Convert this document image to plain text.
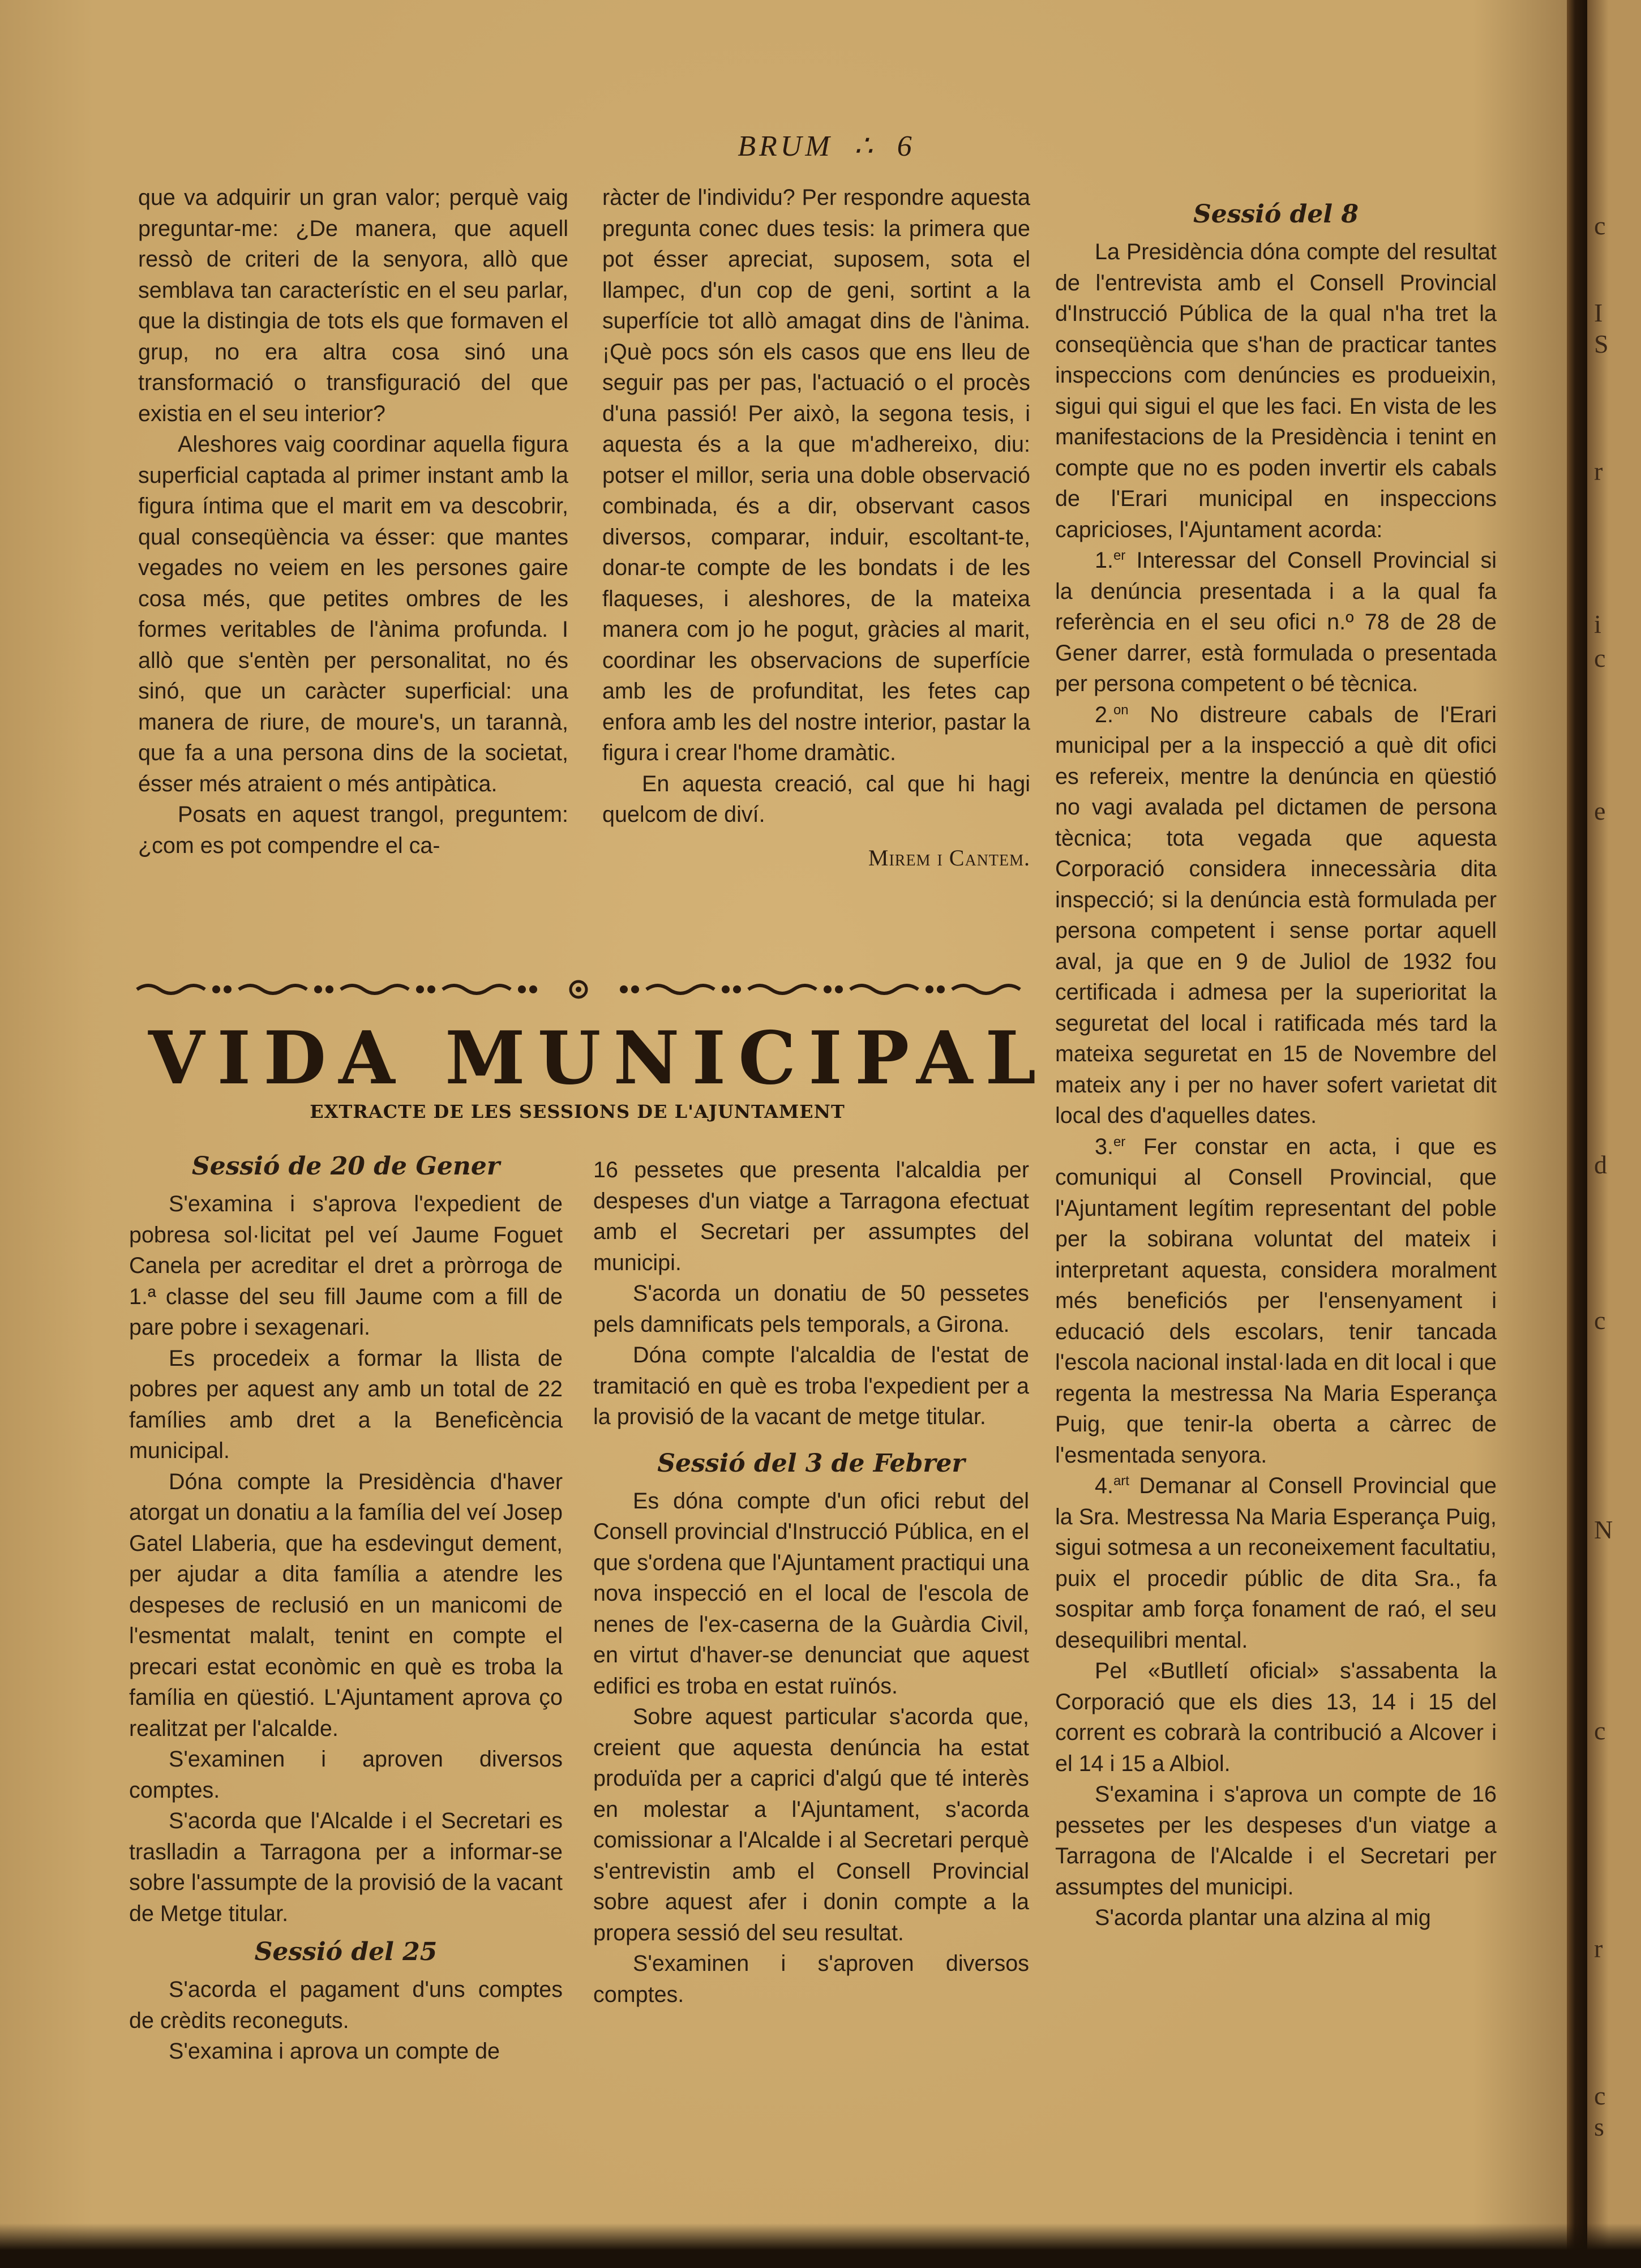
BRUM ∴ 6

que va adquirir un gran valor; perquè vaig preguntar-me: ¿De manera, que aquell ressò de criteri de la senyora, allò que semblava tan característic en el seu parlar, que la distingia de tots els que formaven el grup, no era altra cosa sinó una transformació o transfiguració del que existia en el seu interior?

Aleshores vaig coordinar aquella figura superficial captada al primer instant amb la figura íntima que el marit em va descobrir, qual conseqüència va ésser: que mantes vegades no veiem en les persones gaire cosa més, que petites ombres de les formes veritables de l'ànima profunda. I allò que s'entèn per personalitat, no és sinó, que un caràcter superficial: una manera de riure, de moure's, un tarannà, que fa a una persona dins de la societat, ésser més atraient o més antipàtica.

Posats en aquest trangol, preguntem: ¿com es pot compendre el ca-

ràcter de l'individu? Per respondre aquesta pregunta conec dues tesis: la primera que pot ésser apreciat, suposem, sota el llampec, d'un cop de geni, sortint a la superfície tot allò amagat dins de l'ànima. ¡Què pocs són els casos que ens lleu de seguir pas per pas, l'actuació o el procès d'una passió! Per això, la segona tesis, i aquesta és a la que m'adhereixo, diu: potser el millor, seria una doble observació combinada, és a dir, observant casos diversos, comparar, induir, escoltant-te, donar-te compte de les bondats i de les flaqueses, i aleshores, de la mateixa manera com jo he pogut, gràcies al marit, coordinar les observacions de superfície amb les de profunditat, les fetes cap enfora amb les del nostre interior, pastar la figura i crear l'home dramàtic.

En aquesta creació, cal que hi hagi quelcom de diví.

Mirem i Cantem.
VIDA MUNICIPAL
EXTRACTE DE LES SESSIONS DE L'AJUNTAMENT
Sessió de 20 de Gener

S'examina i s'aprova l'expedient de pobresa sol·licitat pel veí Jaume Foguet Canela per acreditar el dret a pròrroga de 1.ª classe del seu fill Jaume com a fill de pare pobre i sexagenari.

Es procedeix a formar la llista de pobres per aquest any amb un total de 22 famílies amb dret a la Beneficència municipal.

Dóna compte la Presidència d'haver atorgat un donatiu a la família del veí Josep Gatel Llaberia, que ha esdevingut dement, per ajudar a dita família a atendre les despeses de reclusió en un manicomi de l'esmentat malalt, tenint en compte el precari estat econòmic en què es troba la família en qüestió. L'Ajuntament aprova ço realitzat per l'alcalde.

S'examinen i aproven diversos comptes.

S'acorda que l'Alcalde i el Secretari es traslladin a Tarragona per a informar-se sobre l'assumpte de la provisió de la vacant de Metge titular.

Sessió del 25

S'acorda el pagament d'uns comptes de crèdits reconeguts.

S'examina i aprova un compte de

16 pessetes que presenta l'alcaldia per despeses d'un viatge a Tarragona efectuat amb el Secretari per assumptes del municipi.

S'acorda un donatiu de 50 pessetes pels damnificats pels temporals, a Girona.

Dóna compte l'alcaldia de l'estat de tramitació en què es troba l'expedient per a la provisió de la vacant de metge titular.

Sessió del 3 de Febrer

Es dóna compte d'un ofici rebut del Consell provincial d'Instrucció Pública, en el que s'ordena que l'Ajuntament practiqui una nova inspecció en el local de l'escola de nenes de l'ex-caserna de la Guàrdia Civil, en virtut d'haver-se denunciat que aquest edifici es troba en estat ruïnós.

Sobre aquest particular s'acorda que, creient que aquesta denúncia ha estat produïda per a caprici d'algú que té interès en molestar a l'Ajuntament, s'acorda comissionar a l'Alcalde i al Secretari perquè s'entrevistin amb el Consell Provincial sobre aquest afer i donin compte a la propera sessió del seu resultat.

S'examinen i s'aproven diversos comptes.

Sessió del 8

La Presidència dóna compte del resultat de l'entrevista amb el Consell Provincial d'Instrucció Pública de la qual n'ha tret la conseqüència que s'han de practicar tantes inspeccions com denúncies es produeixin, sigui qui sigui el que les faci. En vista de les manifestacions de la Presidència i tenint en compte que no es poden invertir els cabals de l'Erari municipal en inspeccions capricioses, l'Ajuntament acorda:

1.$^{er}$ Interessar del Consell Provincial si la denúncia presentada i a la qual fa referència en el seu ofici n.º 78 de 28 de Gener darrer, està formulada o presentada per persona competent o bé tècnica.

2.$^{on}$ No distreure cabals de l'Erari municipal per a la inspecció a què dit ofici es refereix, mentre la denúncia en qüestió no vagi avalada pel dictamen de persona tècnica; tota vegada que aquesta Corporació considera innecessària dita inspecció; si la denúncia està formulada per persona competent i sense portar aquell aval, ja que en 9 de Juliol de 1932 fou certificada i admesa per la superioritat la seguretat del local i ratificada més tard la mateixa seguretat en 15 de Novembre del mateix any i per no haver sofert varietat dit local des d'aquelles dates.

3.$^{er}$ Fer constar en acta, i que es comuniqui al Consell Provincial, que l'Ajuntament legítim representant del poble per la sobirana voluntat del mateix i interpretant aquesta, considera moralment més beneficiós per l'ensenyament i educació dels escolars, tenir tancada l'escola nacional instal·lada en dit local i que regenta la mestressa Na Maria Esperança Puig, que tenir-la oberta a càrrec de l'esmentada senyora.

4.$^{art}$ Demanar al Consell Provincial que la Sra. Mestressa Na Maria Esperança Puig, sigui sotmesa a un reconeixement facultatiu, puix el procedir públic de dita Sra., fa sospitar amb força fonament de raó, el seu desequilibri mental.

Pel «Butlletí oficial» s'assabenta la Corporació que els dies 13, 14 i 15 del corrent es cobrarà la contribució a Alcover i el 14 i 15 a Albiol.

S'examina i s'aprova un compte de 16 pessetes per les despeses d'un viatge a Tarragona de l'Alcalde i el Secretari per assumptes del municipi.

S'acorda plantar una alzina al mig

c
I
S
r
i
c
e
d
c
N
c
r
c
s
